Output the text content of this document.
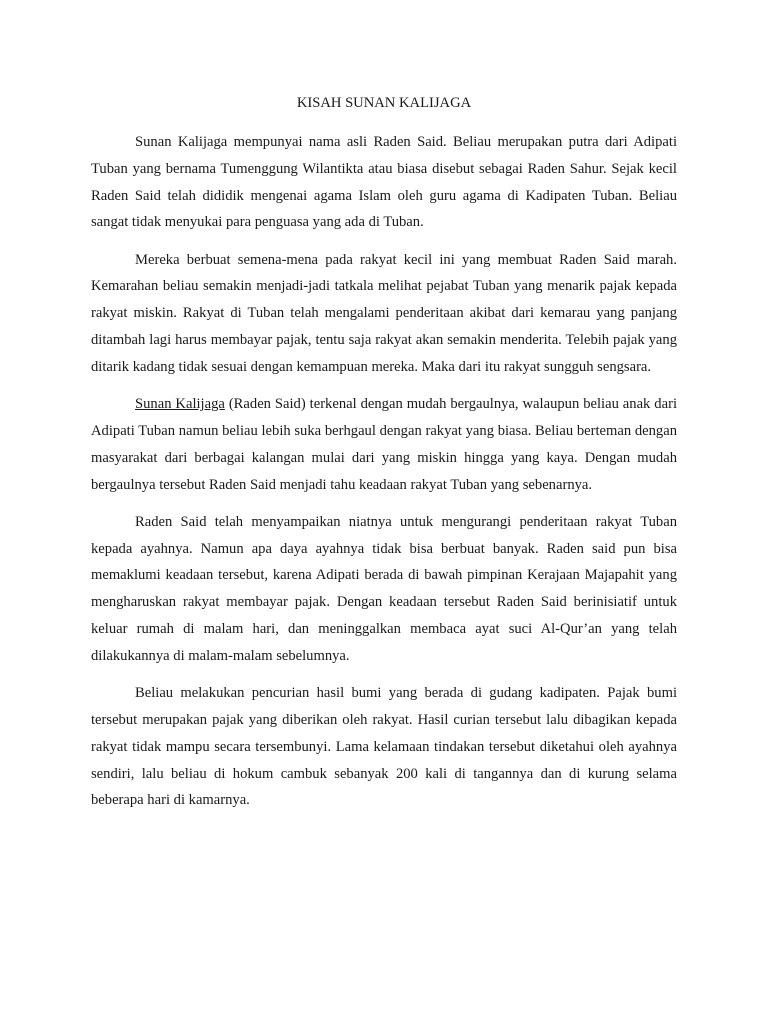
KISAH SUNAN KALIJAGA

Sunan Kalijaga mempunyai nama asli Raden Said. Beliau merupakan putra dari Adipati Tuban yang bernama Tumenggung Wilantikta atau biasa disebut sebagai Raden Sahur. Sejak kecil Raden Said telah dididik mengenai agama Islam oleh guru agama di Kadipaten Tuban. Beliau sangat tidak menyukai para penguasa yang ada di Tuban.

Mereka berbuat semena-mena pada rakyat kecil ini yang membuat Raden Said marah. Kemarahan beliau semakin menjadi-jadi tatkala melihat pejabat Tuban yang menarik pajak kepada rakyat miskin. Rakyat di Tuban telah mengalami penderitaan akibat dari kemarau yang panjang ditambah lagi harus membayar pajak, tentu saja rakyat akan semakin menderita. Telebih pajak yang ditarik kadang tidak sesuai dengan kemampuan mereka. Maka dari itu rakyat sungguh sengsara.

Sunan Kalijaga (Raden Said) terkenal dengan mudah bergaulnya, walaupun beliau anak dari Adipati Tuban namun beliau lebih suka berhgaul dengan rakyat yang biasa. Beliau berteman dengan masyarakat dari berbagai kalangan mulai dari yang miskin hingga yang kaya. Dengan mudah bergaulnya tersebut Raden Said menjadi tahu keadaan rakyat Tuban yang sebenarnya.

Raden Said telah menyampaikan niatnya untuk mengurangi penderitaan rakyat Tuban kepada ayahnya. Namun apa daya ayahnya tidak bisa berbuat banyak. Raden said pun bisa memaklumi keadaan tersebut, karena Adipati berada di bawah pimpinan Kerajaan Majapahit yang mengharuskan rakyat membayar pajak. Dengan keadaan tersebut Raden Said berinisiatif untuk keluar rumah di malam hari, dan meninggalkan membaca ayat suci Al-Qur’an yang telah dilakukannya di malam-malam sebelumnya.

Beliau melakukan pencurian hasil bumi yang berada di gudang kadipaten. Pajak bumi tersebut merupakan pajak yang diberikan oleh rakyat. Hasil curian tersebut lalu dibagikan kepada rakyat tidak mampu secara tersembunyi. Lama kelamaan tindakan tersebut diketahui oleh ayahnya sendiri, lalu beliau di hokum cambuk sebanyak 200 kali di tangannya dan di kurung selama beberapa hari di kamarnya.
